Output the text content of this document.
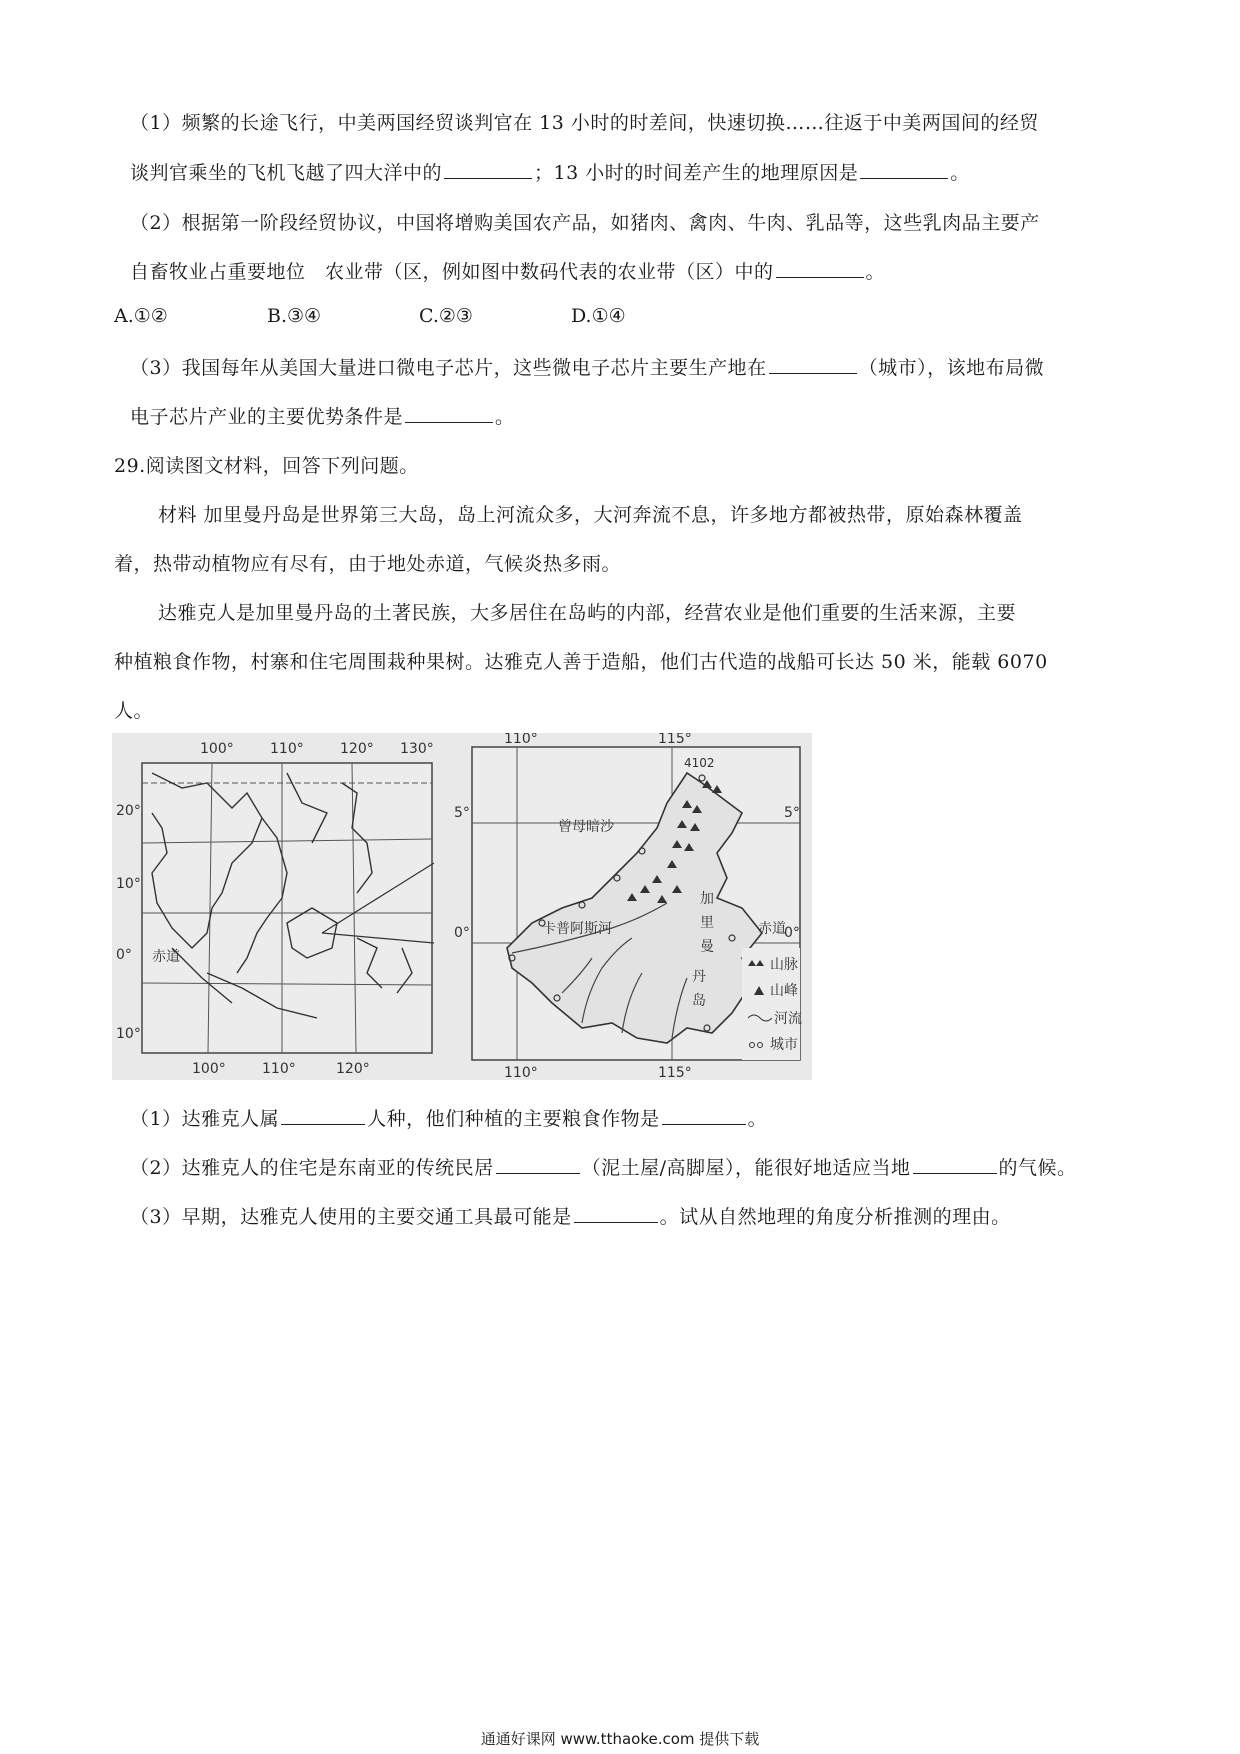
（1）频繁的长途飞行，中美两国经贸谈判官在 13 小时的时差间，快速切换……往返于中美两国间的经贸
谈判官乘坐的飞机飞越了四大洋中的	；13 小时的时间差产生的地理原因是	。
（2）根据第一阶段经贸协议，中国将增购美国农产品，如猪肉、禽肉、牛肉、乳品等，这些乳肉品主要产
自畜牧业占重要地位　农业带（区，例如图中数码代表的农业带（区）中的	。
A.①②	B.③④	C.②③	D.①④
（3）我国每年从美国大量进口微电子芯片，这些微电子芯片主要生产地在	（城市），该地布局微
电子芯片产业的主要优势条件是	。
29.阅读图文材料，回答下列问题。
材料 加里曼丹岛是世界第三大岛，岛上河流众多，大河奔流不息，许多地方都被热带，原始森林覆盖
着，热带动植物应有尽有，由于地处赤道，气候炎热多雨。
达雅克人是加里曼丹岛的土著民族，大多居住在岛屿的内部，经营农业是他们重要的生活来源，主要
种植粮食作物，村寨和住宅周围栽种果树。达雅克人善于造船，他们古代造的战船可长达 50 米，能载 6070
人。
100°	110°	120° 130°
100°	110°	120°
20°
10°
0°
10°
赤道	山脉
山峰
河流
城市
110°	115°
110°	115°
5°
0°
5°
0°
赤道
4102
曾母暗沙
卡普阿斯河
加
里
曼
丹
岛
（1）达雅克人属	人种，他们种植的主要粮食作物是	。
（2）达雅克人的住宅是东南亚的传统民居	（泥土屋/高脚屋），能很好地适应当地	的气候。
（3）早期，达雅克人使用的主要交通工具最可能是	。试从自然地理的角度分析推测的理由。
通通好课网 www.tthaoke.com 提供下载
